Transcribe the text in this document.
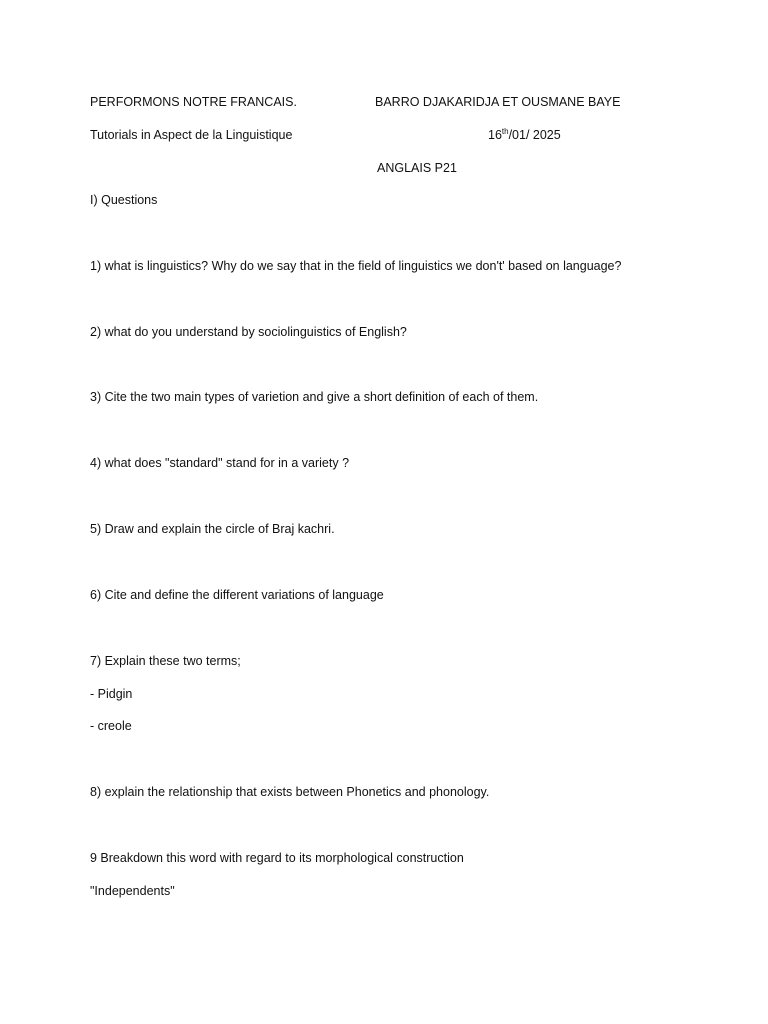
PERFORMONS NOTRE FRANCAIS.	BARRO DJAKARIDJA ET OUSMANE BAYE
Tutorials in Aspect de la Linguistique	16th/01/ 2025
ANGLAIS P21
I) Questions
1) what is linguistics? Why do we say that in the field of linguistics we don't' based on language?
2) what do you understand by sociolinguistics of English?
3) Cite the two main types of varietion and give a short definition of each of them.
4) what does "standard" stand for in a variety ?
5) Draw and explain the circle of Braj kachri.
6) Cite and define the different variations of language
7) Explain these two terms;
- Pidgin
- creole
8) explain the relationship that exists between Phonetics and phonology.
9 Breakdown this word with regard to its morphological construction
"Independents"
